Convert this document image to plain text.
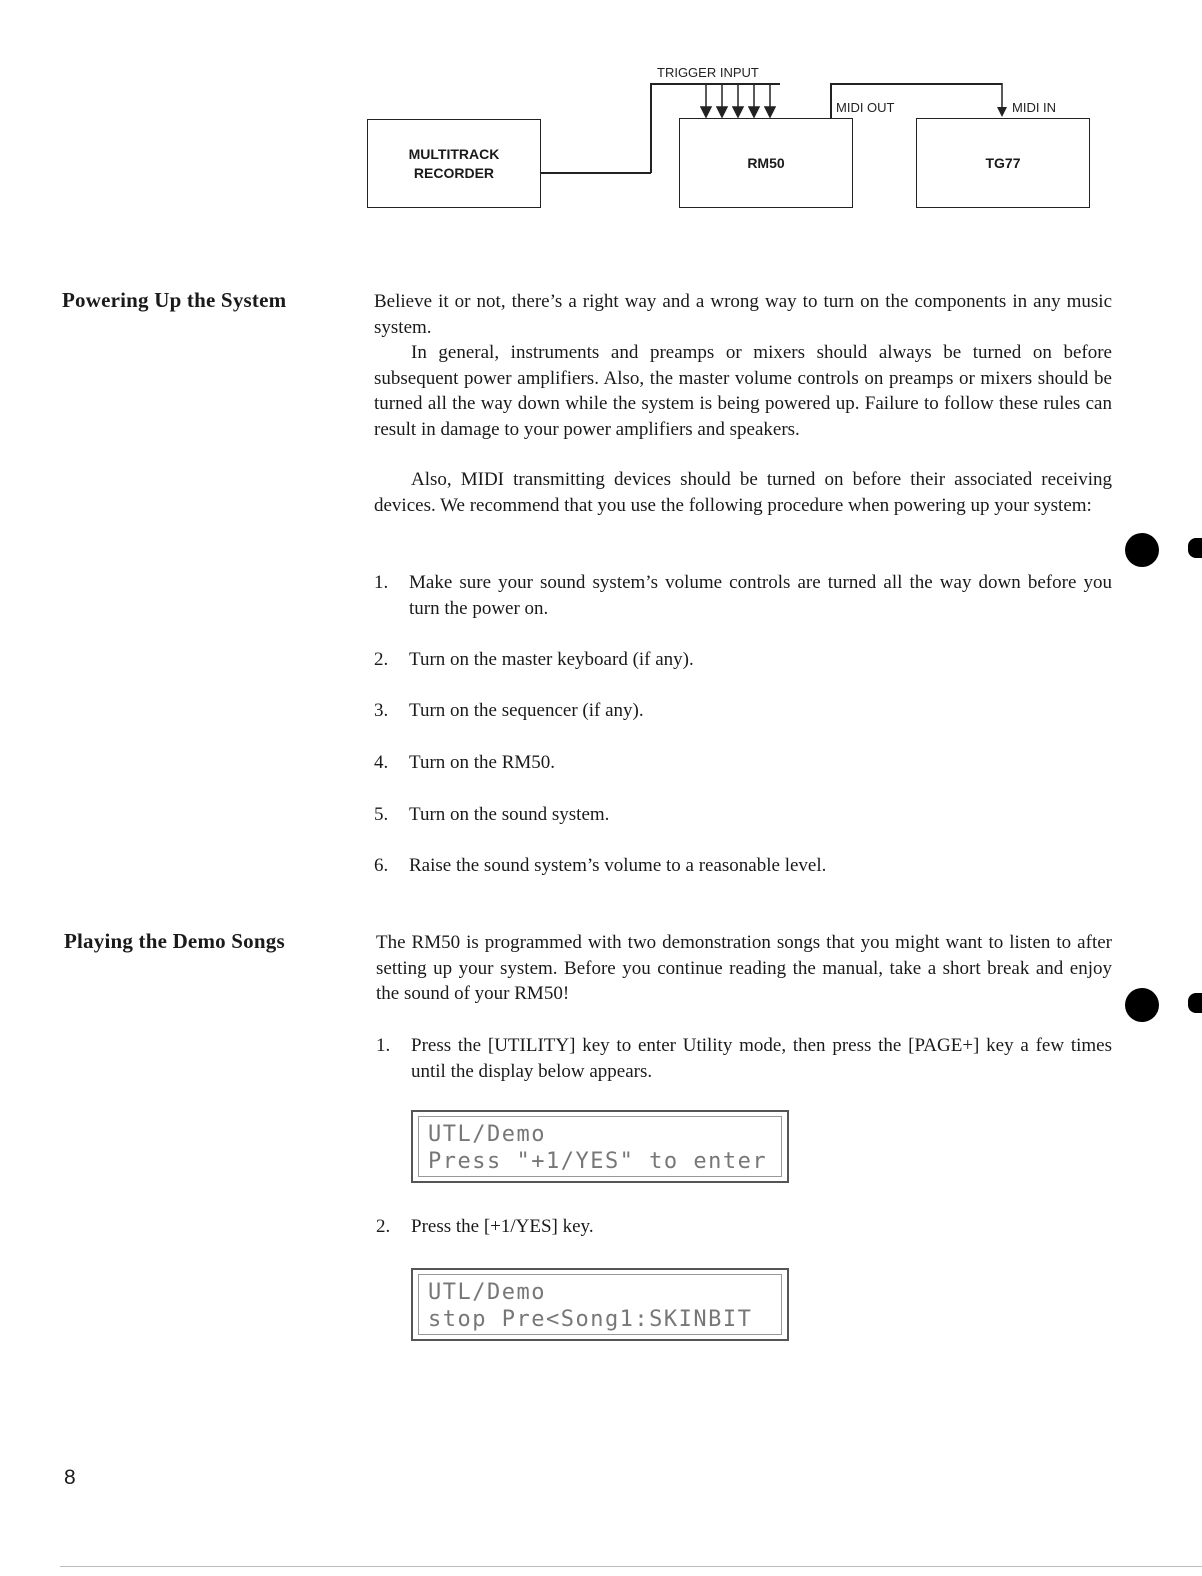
TRIGGER INPUT
MULTITRACK
RECORDER
RM50	TG77
MIDI OUT	MIDI IN
Powering Up the System	Believe it or not, there’s a right way and a wrong way to turn on the components in any music system.

In general, instruments and preamps or mixers should always be turned on before subsequent power amplifiers. Also, the master volume controls on preamps or mixers should be turned all the way down while the system is being powered up. Failure to follow these rules can result in damage to your power amplifiers and speakers.

Also, MIDI transmitting devices should be turned on before their associated receiving devices. We recommend that you use the following procedure when powering up your system:

1. Make sure your sound system’s volume controls are turned all the way down before you turn the power on.
2. Turn on the master keyboard (if any).
3. Turn on the sequencer (if any).
4. Turn on the RM50.
5. Turn on the sound system.
6. Raise the sound system’s volume to a reasonable level.
Playing the Demo Songs	The RM50 is programmed with two demonstration songs that you might want to listen to after setting up your system. Before you continue reading the manual, take a short break and enjoy the sound of your RM50!

1. Press the [UTILITY] key to enter Utility mode, then press the [PAGE+] key a few times until the display below appears.
UTL/Demo
Press "+1/YES" to enter
2. Press the [+1/YES] key.
UTL/Demo
stop Pre<Song1:SKINBIT
8
